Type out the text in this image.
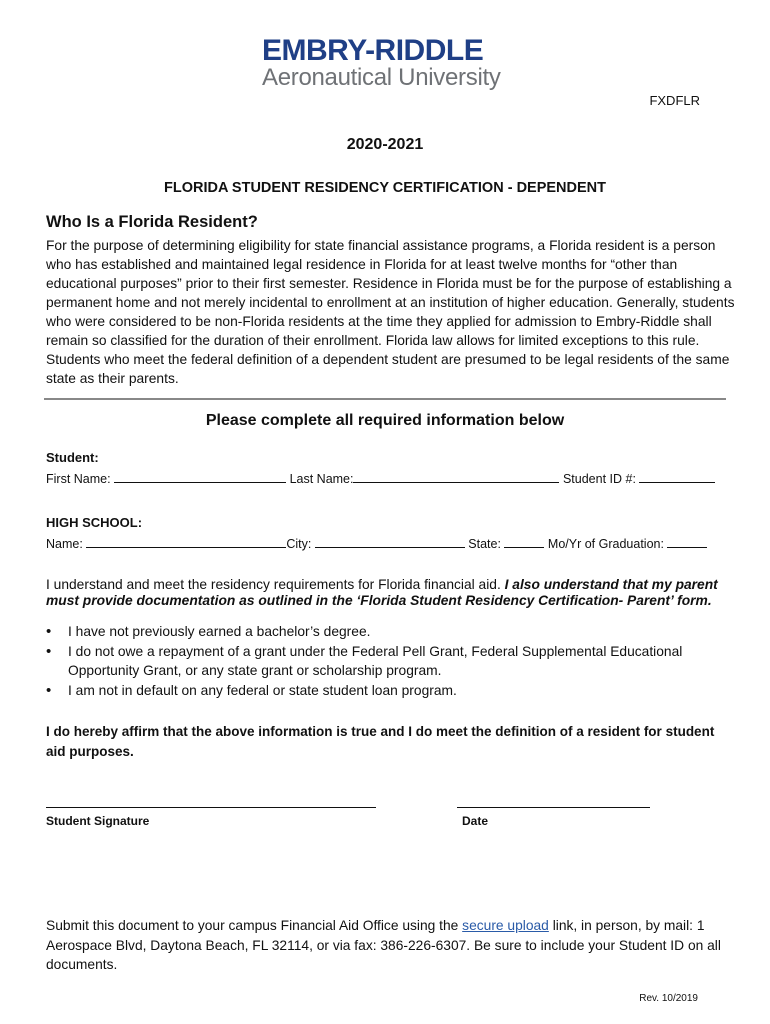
EMBRY-RIDDLE
Aeronautical University
FXDFLR
2020-2021
FLORIDA STUDENT RESIDENCY CERTIFICATION - DEPENDENT
Who Is a Florida Resident?
For the purpose of determining eligibility for state financial assistance programs, a Florida resident is a person who has established and maintained legal residence in Florida for at least twelve months for “other than educational purposes” prior to their first semester. Residence in Florida must be for the purpose of establishing a permanent home and not merely incidental to enrollment at an institution of higher education. Generally, students who were considered to be non-Florida residents at the time they applied for admission to Embry-Riddle shall remain so classified for the duration of their enrollment. Florida law allows for limited exceptions to this rule. Students who meet the federal definition of a dependent student are presumed to be legal residents of the same state as their parents.
Please complete all required information below
Student:
First Name:	Last Name:	Student ID #:
HIGH SCHOOL:
Name:	City:	State:	Mo/Yr of Graduation:
I understand and meet the residency requirements for Florida financial aid. I also understand that my parent must provide documentation as outlined in the ‘Florida Student Residency Certification- Parent’ form.
• I have not previously earned a bachelor’s degree.
• I do not owe a repayment of a grant under the Federal Pell Grant, Federal Supplemental Educational Opportunity Grant, or any state grant or scholarship program.
• I am not in default on any federal or state student loan program.
I do hereby affirm that the above information is true and I do meet the definition of a resident for student aid purposes.
Student Signature	Date
Submit this document to your campus Financial Aid Office using the secure upload link, in person, by mail: 1 Aerospace Blvd, Daytona Beach, FL 32114, or via fax: 386-226-6307. Be sure to include your Student ID on all documents.
Rev. 10/2019
